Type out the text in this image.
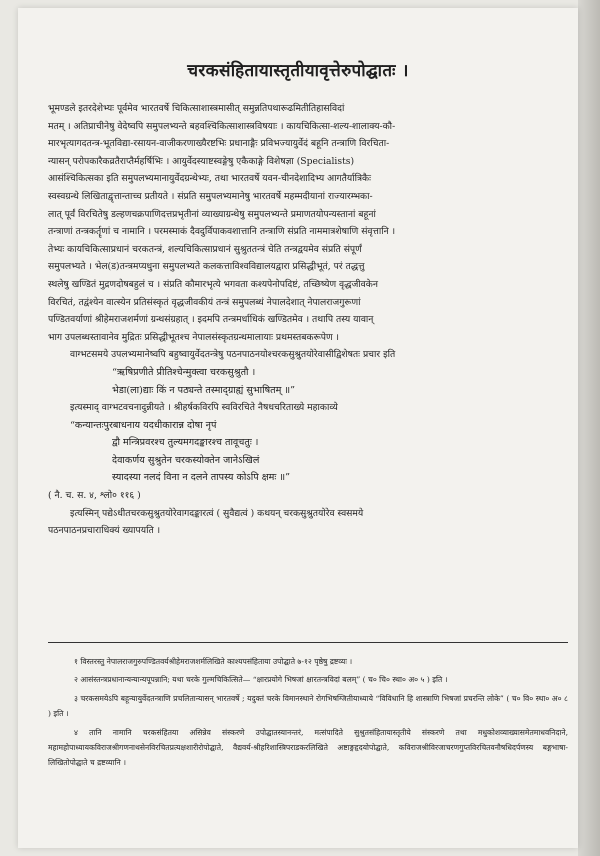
चरकसंहितायास्तृतीयावृत्तेरुपोद्घातः ।

भूमण्डले इतरदेशेभ्यः पूर्वमेव भारतवर्षे चिकित्साशास्त्रमासीत् समुन्नतिपथारूढमितीतिहासविदां

मतम् । अतिप्राचीनेषु वेदेष्वपि समुपलभ्यन्ते बहवश्चिकित्साशास्त्रविषयाः । कायचिकित्सा-शल्य-शालाक्य-कौ-

मारभृत्यागदतन्त्र-भूतविद्या-रसायन-वाजीकरणाख्यैरष्टभिः प्रधानाङ्गैः प्रविभज्यायुर्वेदं बहूनि तन्त्राणि विरचिता-

न्यासन् परोपकारैकव्रतैराप्तैर्महर्षिभिः । आयुर्वेदस्याष्टस्वङ्गेषु एकैकाङ्गे विशेषज्ञा (Specialists)

आसंश्चिकित्सका इति समुपलभ्यमानायुर्वेदग्रन्थेभ्यः, तथा भारतवर्षे यवन-चीनदेशादिभ्य आगतैर्यात्रिकैः

स्वस्वग्रन्थे लिखिताद्वृत्तान्ताच्च प्रतीयते । संप्रति समुपलभ्यमानेषु भारतवर्षे महम्मदीयानां राज्यारम्भका-

लात् पूर्वं विरचितेषु डल्हणचक्रपाणिदत्तप्रभृतीनां व्याख्याग्रन्थेषु समुपलभ्यन्ते प्रमाणतयोपन्यस्तानां बहूनां

तन्त्राणां तन्त्रकर्तॄणां च नामानि । परमस्माकं दैवदुर्विपाकवशात्तानि तन्त्राणि संप्रति नाममात्रशेषाणि संवृत्तानि ।

तेभ्यः कायचिकित्साप्रधानं चरकतन्त्रं, शल्यचिकित्साप्रधानं सुश्रुततन्त्रं चेति तन्त्रद्वयमेव संप्रति संपूर्णं

समुपलभ्यते । भेल(ड)तन्त्रमप्यधुना समुपलभ्यते कलकत्ताविश्वविद्यालयद्वारा प्रसिद्धीभूतं, परं तद्धत्तु

स्थलेषु खण्डितं मुद्रणदोषबहुलं च । संप्रति कौमारभृत्ये भगवता कश्यपेनोपदिष्टं, तच्छिष्येण वृद्धजीवकेन

विरचितं, तद्वंश्येन वात्स्येन प्रतिसंस्कृतं वृद्धजीवकीयं तन्त्रं समुपलब्धं नेपालदेशात् नेपालराजगुरूणां

पण्डितवर्याणां श्रीहेमराजशर्मणां ग्रन्थसंग्रहात् । इदमपि तन्त्रमर्धाधिकं खण्डितमेव । तथापि तस्य यावान्

भाग उपलब्धस्तावानेव मुद्रितः प्रसिद्धीभूतश्च नेपालसंस्कृतग्रन्थमालायाः प्रथमस्तबकरूपेण ।

वाग्भटसमये उपलभ्यमानेष्वपि बहुष्वायुर्वेदतन्त्रेषु पठनपाठनयोश्चरकसुश्रुतयोरेवासीद्विशेषतः प्रचार इति

“ऋषिप्रणीते प्रीतिश्चेन्मुक्त्वा चरकसुश्रुतौ ।

भेडा(ला)द्याः किं न पठ्यन्ते तस्माद्ग्राह्यं सुभाषितम् ॥”

इत्यस्माद् वाग्भटवचनादुन्नीयते । श्रीहर्षकविरपि स्वविरचिते नैषधचरिताख्ये महाकाव्ये

“कन्यान्तःपुरबाधनाय यदधीकारान्न दोषा नृपं

द्वौ मन्त्रिप्रवरश्च तुल्यमगदङ्कारश्च तावूचतुः ।

देवाकर्णय सुश्रुतेन चरकस्योक्तेन जानेऽखिलं

स्यादस्या नलदं विना न दलने तापस्य कोऽपि क्षमः ॥”

( नै. च. स. ४, श्लो० ११६ )

इत्यस्मिन् पद्येऽधीतचरकसुश्रुतयोरेवागदङ्कारत्वं ( सुवैद्यत्वं ) कथयन् चरकसुश्रुतयोरेव स्वसमये

पठनपाठनप्रचाराधिक्यं ख्यापयति ।

१ विस्तरस्तु नेपालराजगुरुपण्डितवर्यश्रीहेमराजशर्मलिखिते काश्यपसंहिताया उपोद्घाते ७-१२ पृष्ठेषु द्रष्टव्यः ।

२ आसंस्तन्त्रप्रधानान्यन्यान्यपूपन्नानि; यथा चरके गुल्मचिकित्सिते— “क्षारप्रयोगे भिषजां क्षारतन्त्रविदां बलम्” ( च० चि० स्था० अ० ५ ) इति ।

३ चरकसमयेऽपि बहून्यायुर्वेदतन्त्राणि प्रचलितान्यासन् भारतवर्षे ; यदुक्तं चरके विमानस्थाने रोगभिषग्जितीयाध्याये “विविधानि हि शास्त्राणि भिषजां प्रचरन्ति लोके” ( च० वि० स्था० अ० ८ ) इति ।

४ तानि नामानि चरकसंहितया असिन्नेव संस्करणे उपोद्घातस्यानन्तरं, मत्संपादिते सुश्रुतसंहितायास्तृतीये संस्करणे तथा मधुकोशव्याख्यासमेतमाधवनिदाने, महामहोपाध्यायकविराजश्रीगणनाथसेनविरचितप्रत्यक्षशारीरोपोद्घाते, वैद्यवर्य-श्रीहरिशास्त्रिपराडकरलिखिते अष्टाङ्गहृदयोपोद्घाते, कविराजश्रीविरजाचरणगुप्तविरचितवनौषधिदर्पणस्य बङ्गभाषा-लिखितोपोद्घाते च द्रष्टव्यानि ।
